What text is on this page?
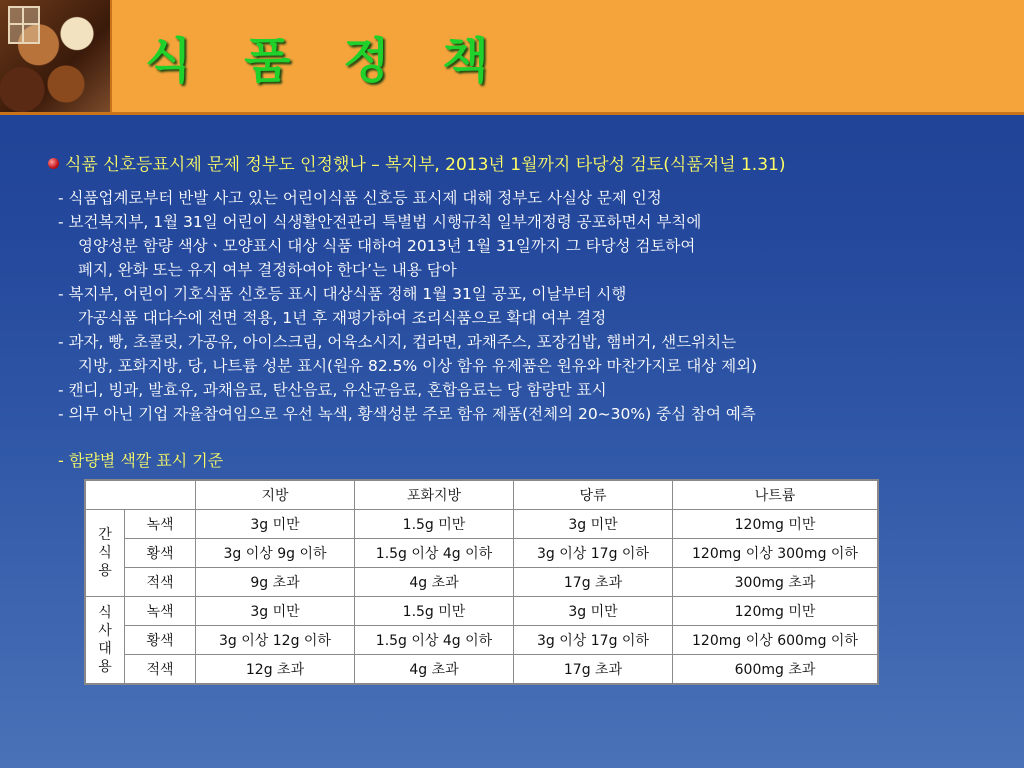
식 품 정 책
식품 신호등표시제 문제 정부도 인정했나 – 복지부, 2013년 1월까지 타당성 검토(식품저널 1.31)
- 식품업계로부터 반발 사고 있는 어린이식품 신호등 표시제 대해 정부도 사실상 문제 인정
- 보건복지부, 1월 31일 어린이 식생활안전관리 특별법 시행규칙 일부개정령 공포하면서 부칙에
영양성분 함량 색상ㆍ모양표시 대상 식품 대하여 2013년 1월 31일까지 그 타당성 검토하여
폐지, 완화 또는 유지 여부 결정하여야 한다’는 내용 담아
- 복지부, 어린이 기호식품 신호등 표시 대상식품 정해 1월 31일 공포, 이날부터 시행
가공식품 대다수에 전면 적용, 1년 후 재평가하여 조리식품으로 확대 여부 결정
- 과자, 빵, 초콜릿, 가공유, 아이스크림, 어육소시지, 컵라면, 과채주스, 포장김밥, 햄버거, 샌드위치는
지방, 포화지방, 당, 나트륨 성분 표시(원유 82.5% 이상 함유 유제품은 원유와 마찬가지로 대상 제외)
- 캔디, 빙과, 발효유, 과채음료, 탄산음료, 유산균음료, 혼합음료는 당 함량만 표시
- 의무 아닌 기업 자율참여임으로 우선 녹색, 황색성분 주로 함유 제품(전체의 20~30%) 중심 참여 예측
- 함량별 색깔 표시 기준
		지방	포화지방	당류	나트륨

간
식
용	녹색	3g 미만	1.5g 미만	3g 미만	120mg 미만
	황색	3g 이상 9g 이하	1.5g 이상 4g 이하	3g 이상 17g 이하	120mg 이상 300mg 이하
	적색	9g 초과	4g 초과	17g 초과	300mg 초과

식
사
대
용	녹색	3g 미만	1.5g 미만	3g 미만	120mg 미만
	황색	3g 이상 12g 이하	1.5g 이상 4g 이하	3g 이상 17g 이하	120mg 이상 600mg 이하
	적색	12g 초과	4g 초과	17g 초과	600mg 초과
